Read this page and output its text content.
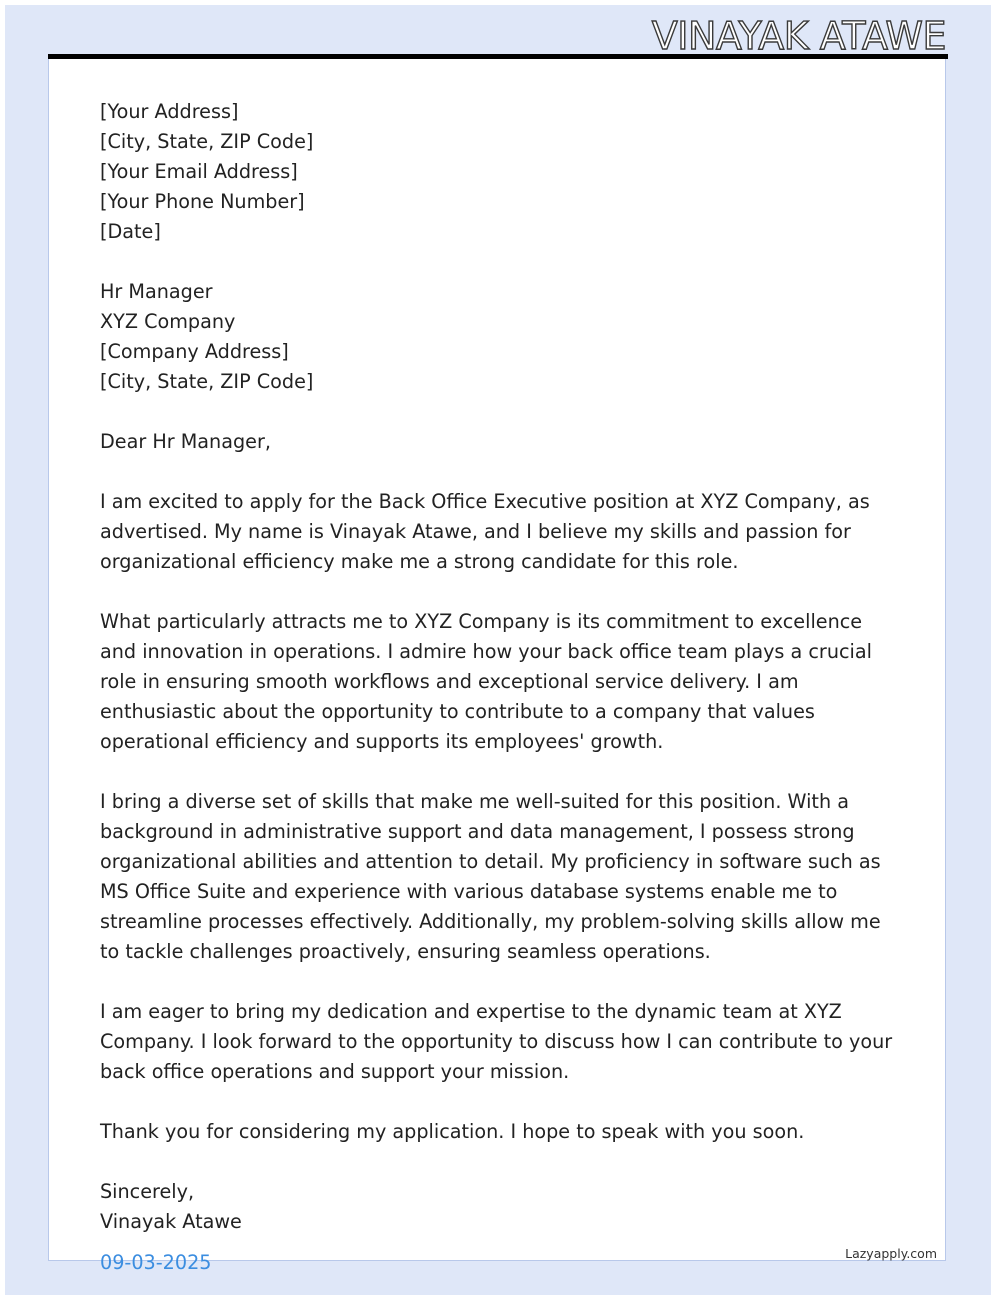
VINAYAK ATAWE
[Your Address]
[City, State, ZIP Code]
[Your Email Address]
[Your Phone Number]
[Date]
Hr Manager
XYZ Company
[Company Address]
[City, State, ZIP Code]
Dear Hr Manager,

I am excited to apply for the Back Office Executive position at XYZ Company, as advertised. My name is Vinayak Atawe, and I believe my skills and passion for organizational efficiency make me a strong candidate for this role.

What particularly attracts me to XYZ Company is its commitment to excellence and innovation in operations. I admire how your back office team plays a crucial role in ensuring smooth workflows and exceptional service delivery. I am enthusiastic about the opportunity to contribute to a company that values operational efficiency and supports its employees' growth.

I bring a diverse set of skills that make me well-suited for this position. With a background in administrative support and data management, I possess strong organizational abilities and attention to detail. My proficiency in software such as MS Office Suite and experience with various database systems enable me to streamline processes effectively. Additionally, my problem-solving skills allow me to tackle challenges proactively, ensuring seamless operations.

I am eager to bring my dedication and expertise to the dynamic team at XYZ Company. I look forward to the opportunity to discuss how I can contribute to your back office operations and support your mission.

Thank you for considering my application. I hope to speak with you soon.

Sincerely,
Vinayak Atawe
09-03-2025	Lazyapply.com
